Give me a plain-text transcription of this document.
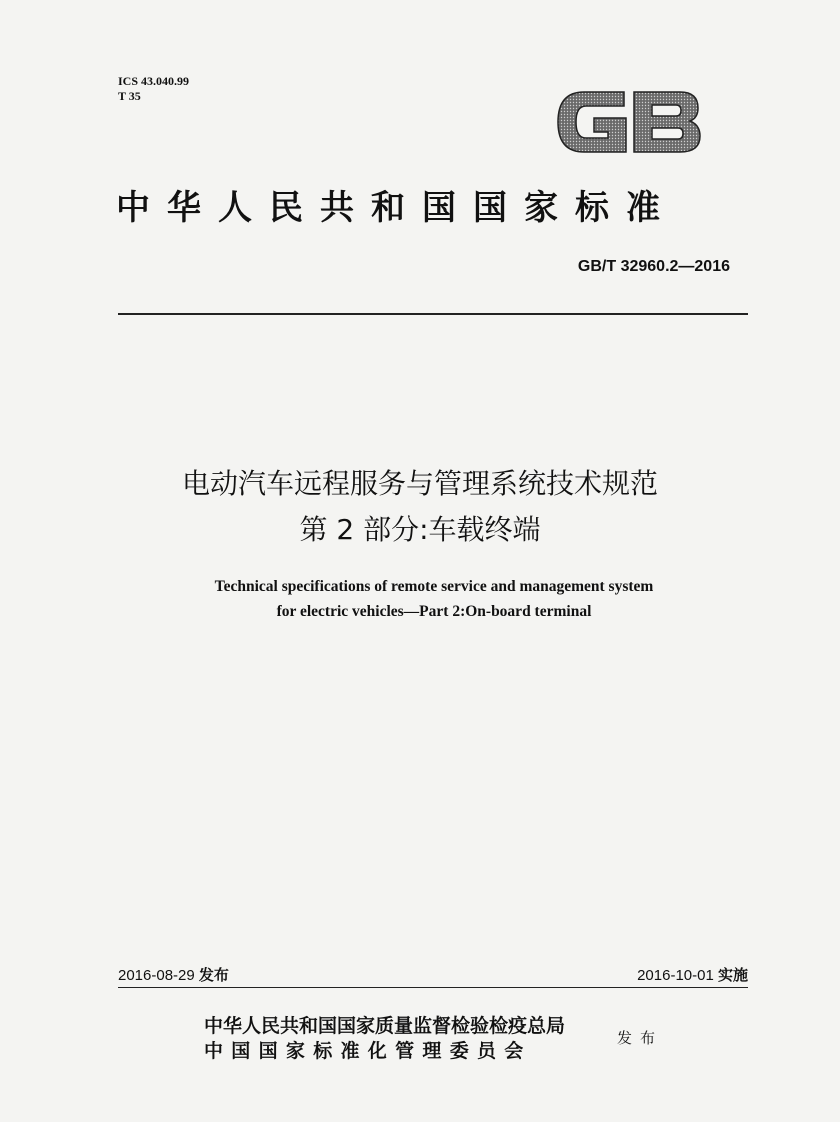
ICS 43.040.99
T 35
中华人民共和国国家标准
GB/T 32960.2—2016
电动汽车远程服务与管理系统技术规范
第 2 部分:车载终端
Technical specifications of remote service and management system
for electric vehicles—Part 2:On-board terminal
2016-08-29 发布	2016-10-01 实施
中华人民共和国国家质量监督检验检疫总局
中国国家标准化管理委员会
发布
